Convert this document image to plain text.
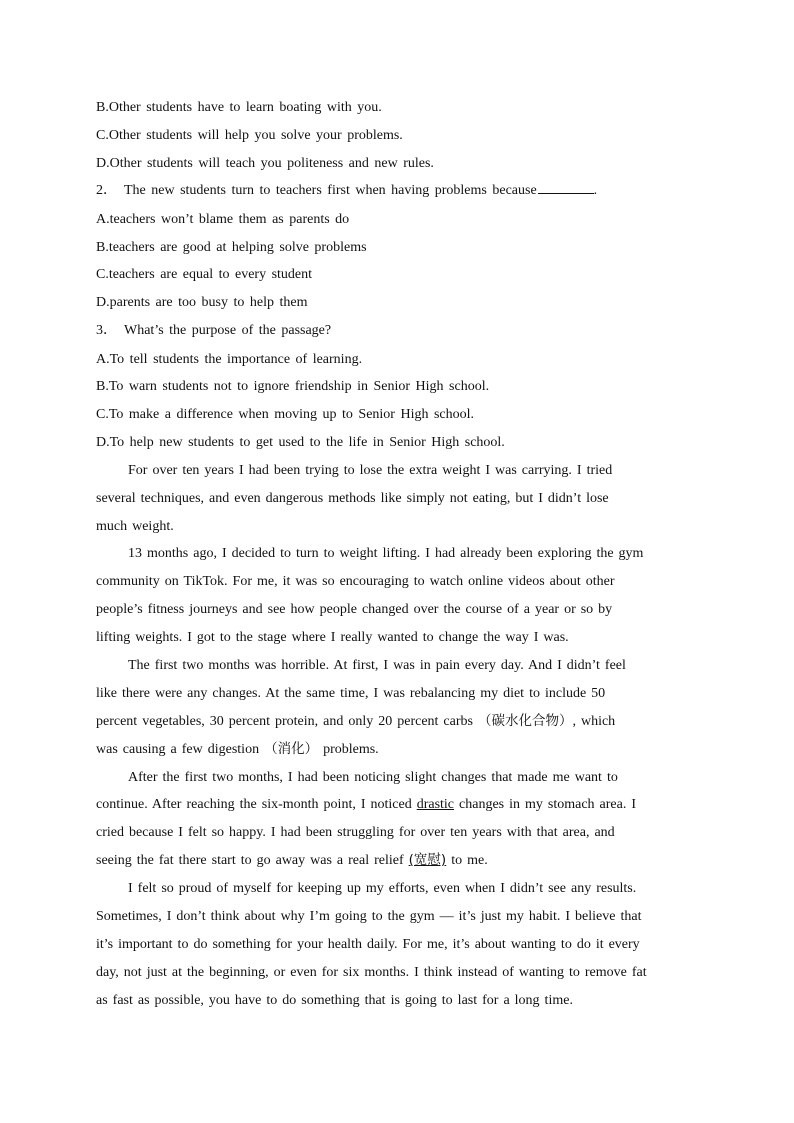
B.Other students have to learn boating with you.
C.Other students will help you solve your problems.
D.Other students will teach you politeness and new rules.
2． The new students turn to teachers first when having problems because	.
A.teachers won’t blame them as parents do
B.teachers are good at helping solve problems
C.teachers are equal to every student
D.parents are too busy to help them
3． What’s the purpose of the passage?
A.To tell students the importance of learning.
B.To warn students not to ignore friendship in Senior High school.
C.To make a difference when moving up to Senior High school.
D.To help new students to get used to the life in Senior High school.
For over ten years I had been trying to lose the extra weight I was carrying. I tried
several techniques, and even dangerous methods like simply not eating, but I didn’t lose
much weight.
13 months ago, I decided to turn to weight lifting. I had already been exploring the gym
community on TikTok. For me, it was so encouraging to watch online videos about other
people’s fitness journeys and see how people changed over the course of a year or so by
lifting weights. I got to the stage where I really wanted to change the way I was.
The first two months was horrible. At first, I was in pain every day. And I didn’t feel
like there were any changes. At the same time, I was rebalancing my diet to include 50
percent vegetables, 30 percent protein, and only 20 percent carbs （碳水化合物）, which
was causing a few digestion （消化） problems.
After the first two months, I had been noticing slight changes that made me want to
continue. After reaching the six-month point, I noticed drastic changes in my stomach area. I
cried because I felt so happy. I had been struggling for over ten years with that area, and
seeing the fat there start to go away was a real relief (宽慰) to me.
I felt so proud of myself for keeping up my efforts, even when I didn’t see any results.
Sometimes, I don’t think about why I’m going to the gym — it’s just my habit. I believe that
it’s important to do something for your health daily. For me, it’s about wanting to do it every
day, not just at the beginning, or even for six months. I think instead of wanting to remove fat
as fast as possible, you have to do something that is going to last for a long time.
